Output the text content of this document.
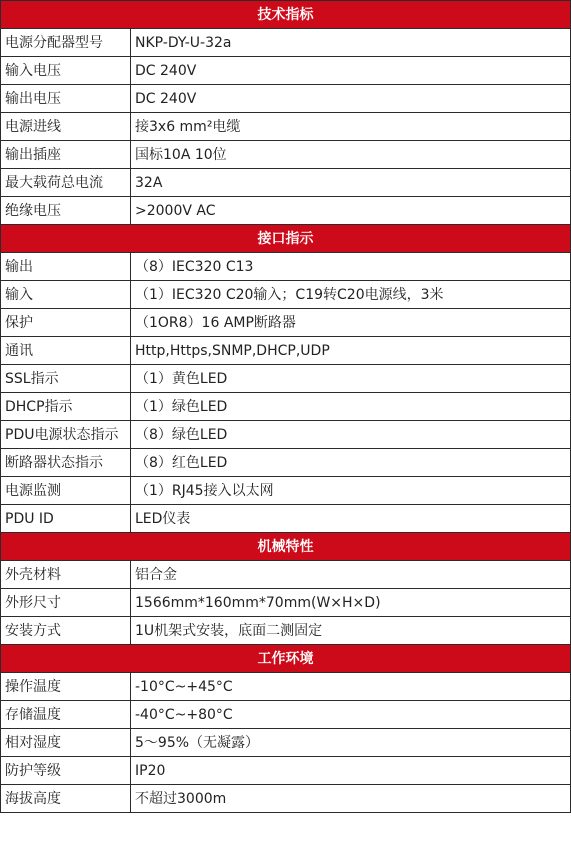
技术指标	
电源分配器型号	NKP-DY-U-32a
输入电压	DC 240V
输出电压	DC 240V
电源进线	接3x6 mm²电缆
输出插座	国标10A 10位
最大载荷总电流	32A
绝缘电压	>2000V AC
接口指示	
输出	（8）IEC320 C13
输入	（1）IEC320 C20输入；C19转C20电源线，3米
保护	（1OR8）16 AMP断路器
通讯	Http,Https,SNMP,DHCP,UDP
SSL指示	（1）黄色LED
DHCP指示	（1）绿色LED
PDU电源状态指示	（8）绿色LED
断路器状态指示	（8）红色LED
电源监测	（1）RJ45接入以太网
PDU ID	LED仪表
机械特性	
外壳材料	铝合金
外形尺寸	1566mm*160mm*70mm(W×H×D)
安装方式	1U机架式安装，底面二测固定
工作环境	
操作温度	-10°C~+45°C
存储温度	-40°C~+80°C
相对湿度	5～95%（无凝露）
防护等级	IP20
海拔高度	不超过3000m
